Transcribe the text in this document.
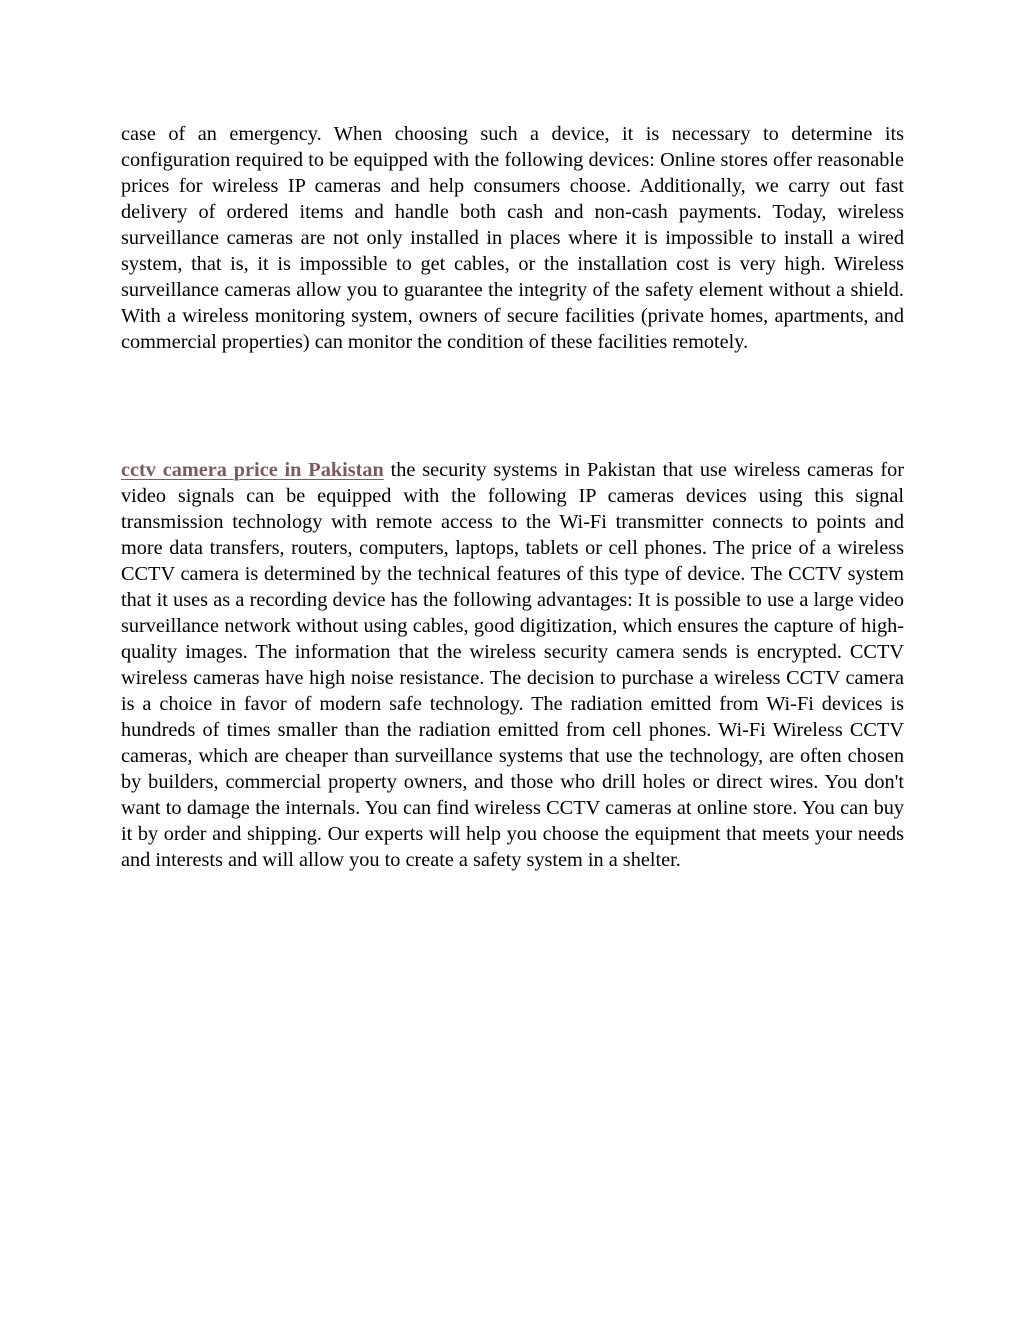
case of an emergency. When choosing such a device, it is necessary to determine its configuration required to be equipped with the following devices: Online stores offer reasonable prices for wireless IP cameras and help consumers choose. Additionally, we carry out fast delivery of ordered items and handle both cash and non-cash payments. Today, wireless surveillance cameras are not only installed in places where it is impossible to install a wired system, that is, it is impossible to get cables, or the installation cost is very high. Wireless surveillance cameras allow you to guarantee the integrity of the safety element without a shield. With a wireless monitoring system, owners of secure facilities (private homes, apartments, and commercial properties) can monitor the condition of these facilities remotely.

cctv camera price in Pakistan the security systems in Pakistan that use wireless cameras for video signals can be equipped with the following IP cameras devices using this signal transmission technology with remote access to the Wi-Fi transmitter connects to points and more data transfers, routers, computers, laptops, tablets or cell phones. The price of a wireless CCTV camera is determined by the technical features of this type of device. The CCTV system that it uses as a recording device has the following advantages: It is possible to use a large video surveillance network without using cables, good digitization, which ensures the capture of high-quality images. The information that the wireless security camera sends is encrypted. CCTV wireless cameras have high noise resistance. The decision to purchase a wireless CCTV camera is a choice in favor of modern safe technology. The radiation emitted from Wi-Fi devices is hundreds of times smaller than the radiation emitted from cell phones. Wi-Fi Wireless CCTV cameras, which are cheaper than surveillance systems that use the technology, are often chosen by builders, commercial property owners, and those who drill holes or direct wires. You don't want to damage the internals. You can find wireless CCTV cameras at online store. You can buy it by order and shipping. Our experts will help you choose the equipment that meets your needs and interests and will allow you to create a safety system in a shelter.
